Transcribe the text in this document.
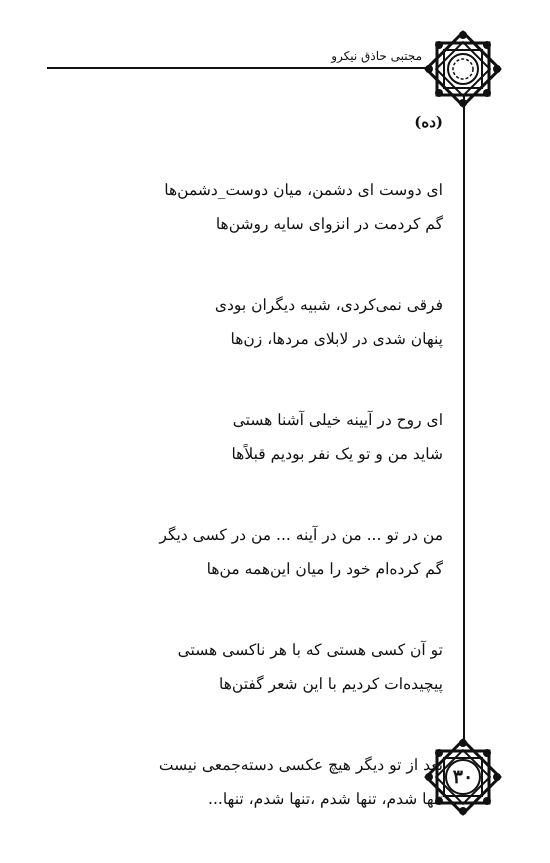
مجتبی حاذق نیکرو
۳۰
(ده)
ای دوست ای دشمن، میان دوست_دشمن‌ها
گم کردمت در انزوای سایه روشن‌ها
فرقی نمی‌کردی، شبیه دیگران بودی
پنهان شدی در لابلای مردها، زن‌ها
ای روح در آیینه خیلی آشنا هستی
شاید من و تو یک نفر بودیم قبلاً‌ها
من در تو ... من در آینه ... من در کسی دیگر
گم کرده‌ام خود را میان این‌همه من‌ها
تو آن کسی هستی که با هر ناکسی هستی
پیچیده‌ات کردیم با این شعر گفتن‌ها
بعد از تو دیگر هیچ عکسی دسته‌جمعی نیست
تنها شدم، تنها شدم ،تنها شدم، تنها...
